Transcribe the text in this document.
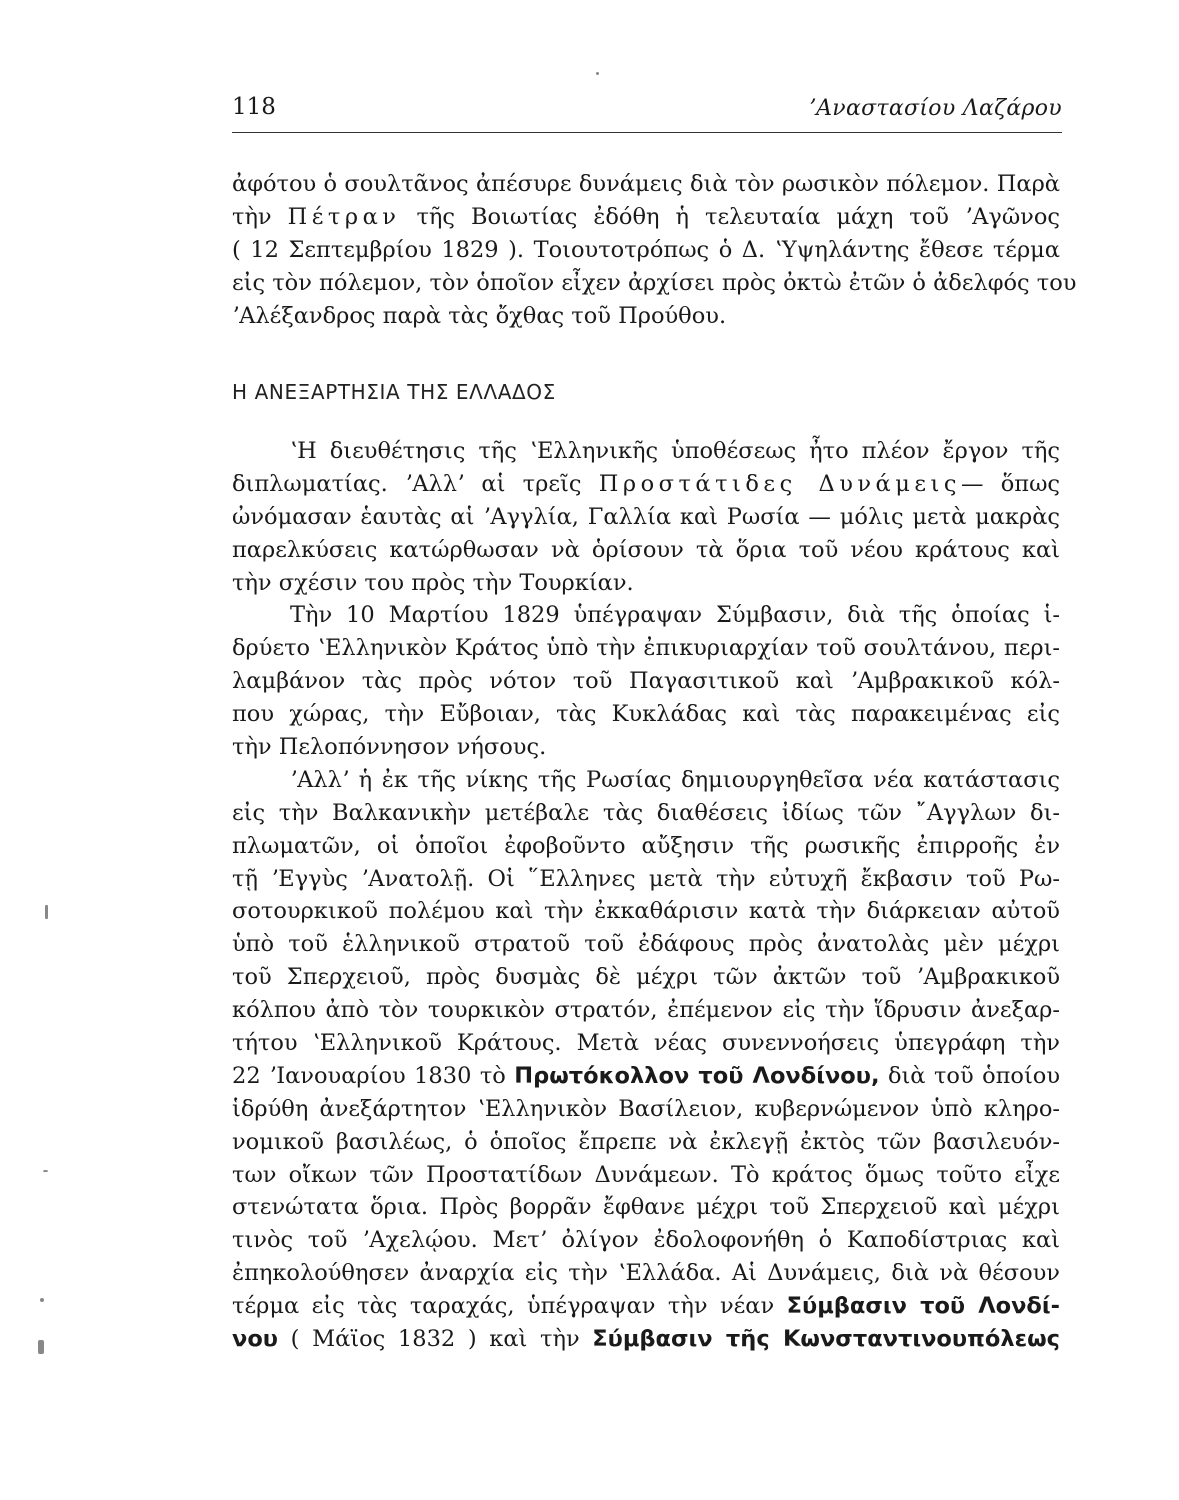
118	ʼΑναστασίου Λαζάρου
ἀφότου ὁ σουλτᾶνος ἀπέσυρε δυνάμεις διὰ τὸν ρωσικὸν πόλεμον. Παρὰ
τὴν Πέτραν τῆς Βοιωτίας ἐδόθη ἡ τελευταία μάχη τοῦ ʼΑγῶνος
( 12 Σεπτεμβρίου 1829 ). Τοιουτοτρόπως ὁ Δ. ʽΥψηλάντης ἔθεσε τέρμα
εἰς τὸν πόλεμον, τὸν ὁποῖον εἶχεν ἀρχίσει πρὸς ὀκτὼ ἐτῶν ὁ ἀδελφός του
ʼΑλέξανδρος παρὰ τὰς ὄχθας τοῦ Προύθου.
Η ΑΝΕΞΑΡΤΗΣΙΑ ΤΗΣ ΕΛΛΑΔΟΣ
ʽΗ διευθέτησις τῆς ʽΕλληνικῆς ὑποθέσεως ἦτο πλέον ἔργον τῆς
διπλωματίας. ʼΑλλʼ αἱ τρεῖς Προστάτιδες Δυνάμεις— ὅπως
ὠνόμασαν ἑαυτὰς αἱ ʼΑγγλία, Γαλλία καὶ Ρωσία — μόλις μετὰ μακρὰς
παρελκύσεις κατώρθωσαν νὰ ὁρίσουν τὰ ὅρια τοῦ νέου κράτους καὶ
τὴν σχέσιν του πρὸς τὴν Τουρκίαν.
Τὴν 10 Μαρτίου 1829 ὑπέγραψαν Σύμβασιν, διὰ τῆς ὁποίας ἱ-
δρύετο ʽΕλληνικὸν Κράτος ὑπὸ τὴν ἐπικυριαρχίαν τοῦ σουλτάνου, περι-
λαμβάνον τὰς πρὸς νότον τοῦ Παγασιτικοῦ καὶ ʼΑμβρακικοῦ κόλ-
που χώρας, τὴν Εὔβοιαν, τὰς Κυκλάδας καὶ τὰς παρακειμένας εἰς
τὴν Πελοπόννησον νήσους.
ʼΑλλʼ ἡ ἐκ τῆς νίκης τῆς Ρωσίας δημιουργηθεῖσα νέα κατάστασις
εἰς τὴν Βαλκανικὴν μετέβαλε τὰς διαθέσεις ἰδίως τῶν ῎Αγγλων δι-
πλωματῶν, οἱ ὁποῖοι ἐφοβοῦντο αὔξησιν τῆς ρωσικῆς ἐπιρροῆς ἐν
τῇ ʼΕγγὺς ʼΑνατολῇ. Οἱ ῞Ελληνες μετὰ τὴν εὐτυχῆ ἔκβασιν τοῦ Ρω-
σοτουρκικοῦ πολέμου καὶ τὴν ἐκκαθάρισιν κατὰ τὴν διάρκειαν αὐτοῦ
ὑπὸ τοῦ ἑλληνικοῦ στρατοῦ τοῦ ἐδάφους πρὸς ἀνατολὰς μὲν μέχρι
τοῦ Σπερχειοῦ, πρὸς δυσμὰς δὲ μέχρι τῶν ἀκτῶν τοῦ ʼΑμβρακικοῦ
κόλπου ἀπὸ τὸν τουρκικὸν στρατόν, ἐπέμενον εἰς τὴν ἵδρυσιν ἀνεξαρ-
τήτου ʽΕλληνικοῦ Κράτους. Μετὰ νέας συνεννοήσεις ὑπεγράφη τὴν
22 ʼΙανουαρίου 1830 τὸ Πρωτόκολλον τοῦ Λονδίνου, διὰ τοῦ ὁποίου
ἱδρύθη ἀνεξάρτητον ʽΕλληνικὸν Βασίλειον, κυβερνώμενον ὑπὸ κληρο-
νομικοῦ βασιλέως, ὁ ὁποῖος ἔπρεπε νὰ ἐκλεγῇ ἐκτὸς τῶν βασιλευόν-
των οἴκων τῶν Προστατίδων Δυνάμεων. Τὸ κράτος ὅμως τοῦτο εἶχε
στενώτατα ὅρια. Πρὸς βορρᾶν ἔφθανε μέχρι τοῦ Σπερχειοῦ καὶ μέχρι
τινὸς τοῦ ʼΑχελῴου. Μετʼ ὀλίγον ἐδολοφονήθη ὁ Καποδίστριας καὶ
ἐπηκολούθησεν ἀναρχία εἰς τὴν ʽΕλλάδα. Αἱ Δυνάμεις, διὰ νὰ θέσουν
τέρμα εἰς τὰς ταραχάς, ὑπέγραψαν τὴν νέαν Σύμβασιν τοῦ Λονδί-
νου ( Μάϊος 1832 ) καὶ τὴν Σύμβασιν τῆς Κωνσταντινουπόλεως
